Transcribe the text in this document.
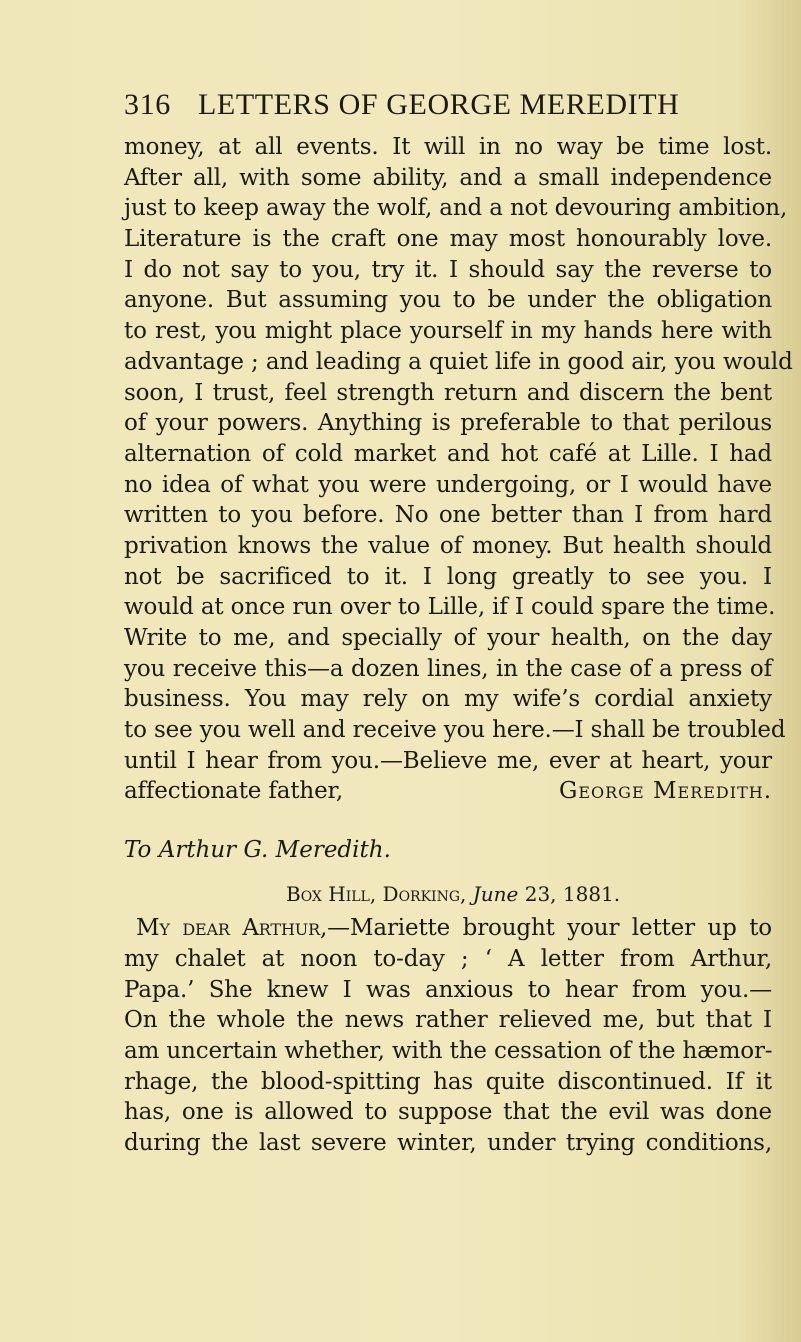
316 LETTERS OF GEORGE MEREDITH
money, at all events. It will in no way be time lost.
After all, with some ability, and a small independence
just to keep away the wolf, and a not devouring ambition,
Literature is the craft one may most honourably love.
I do not say to you, try it. I should say the reverse to
anyone. But assuming you to be under the obligation
to rest, you might place yourself in my hands here with
advantage ; and leading a quiet life in good air, you would
soon, I trust, feel strength return and discern the bent
of your powers. Anything is preferable to that perilous
alternation of cold market and hot café at Lille. I had
no idea of what you were undergoing, or I would have
written to you before. No one better than I from hard
privation knows the value of money. But health should
not be sacrificed to it. I long greatly to see you. I
would at once run over to Lille, if I could spare the time.
Write to me, and specially of your health, on the day
you receive this—a dozen lines, in the case of a press of
business. You may rely on my wife’s cordial anxiety
to see you well and receive you here.—I shall be troubled
until I hear from you.—Believe me, ever at heart, your
affectionate father,	George Meredith.
To Arthur G. Meredith.
Box Hill, Dorking, June 23, 1881.
My dear Arthur,—Mariette brought your letter up to
my chalet at noon to-day ; ‘ A letter from Arthur,
Papa.’ She knew I was anxious to hear from you.—
On the whole the news rather relieved me, but that I
am uncertain whether, with the cessation of the hæmor-
rhage, the blood-spitting has quite discontinued. If it
has, one is allowed to suppose that the evil was done
during the last severe winter, under trying conditions,
